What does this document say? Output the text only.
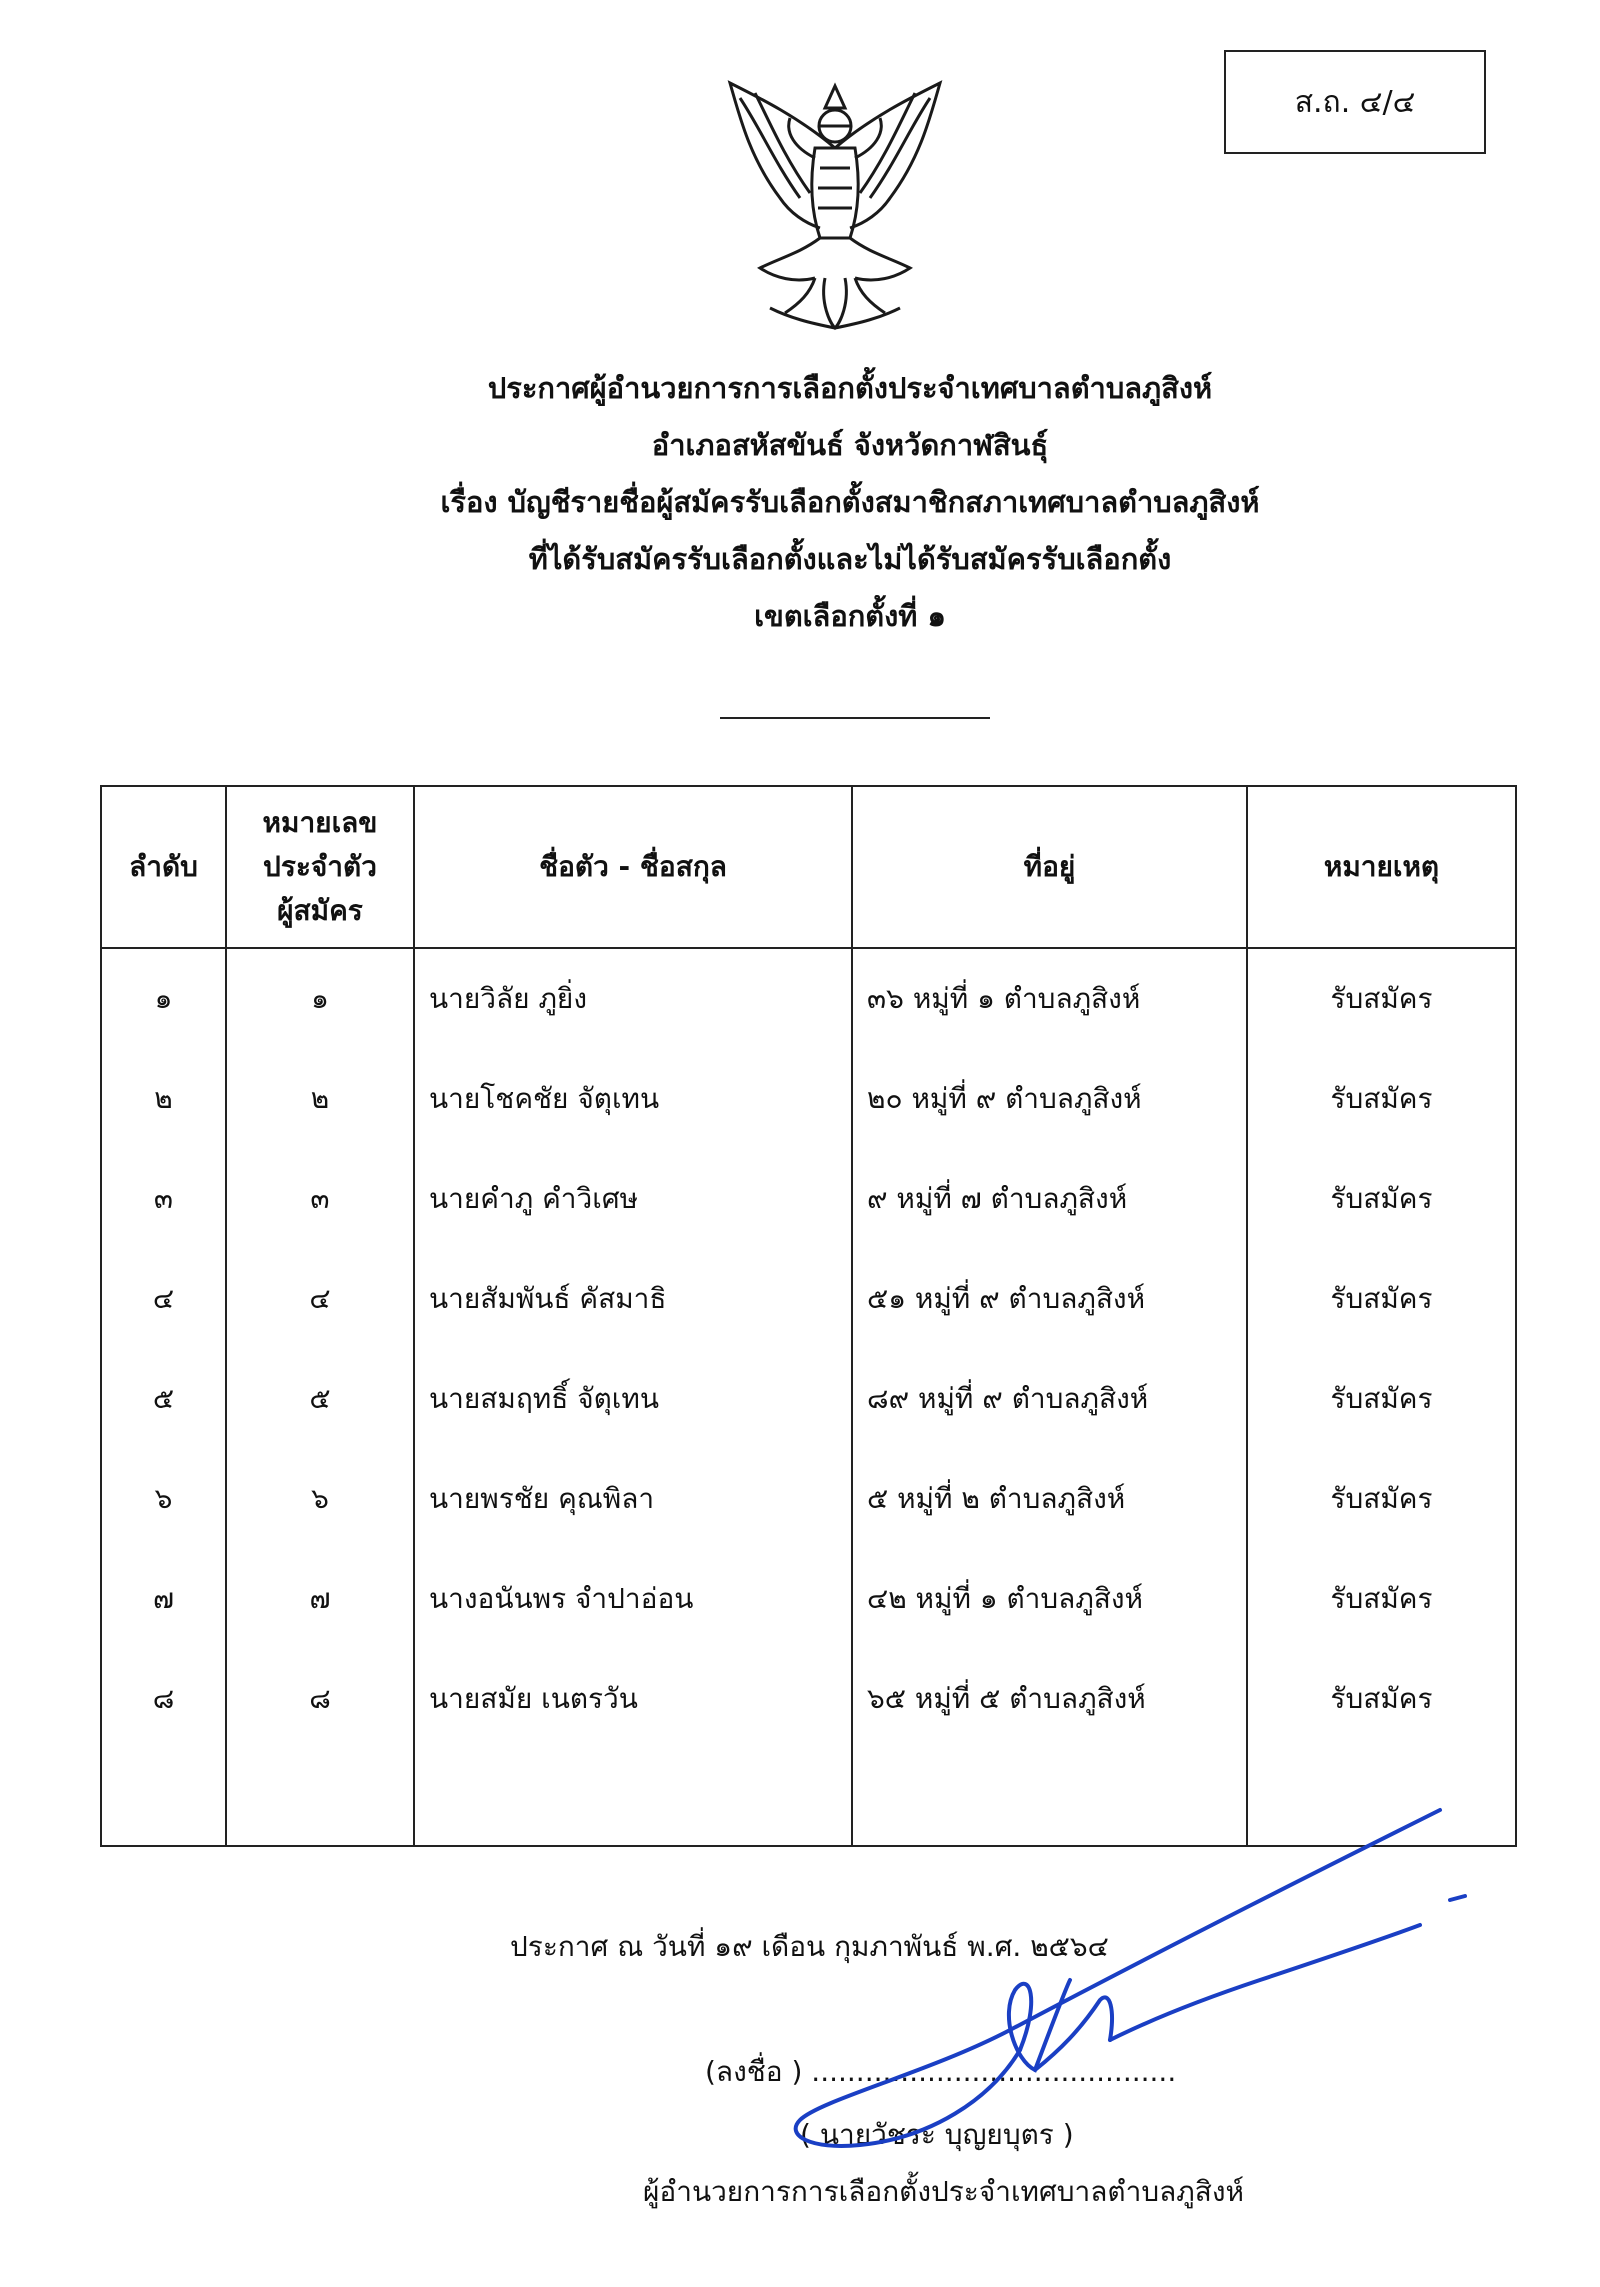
ส.ถ. ๔/๔
ประกาศผู้อำนวยการการเลือกตั้งประจำเทศบาลตำบลภูสิงห์
อำเภอสหัสขันธ์ จังหวัดกาฬสินธุ์
เรื่อง บัญชีรายชื่อผู้สมัครรับเลือกตั้งสมาชิกสภาเทศบาลตำบลภูสิงห์
ที่ได้รับสมัครรับเลือกตั้งและไม่ได้รับสมัครรับเลือกตั้ง
เขตเลือกตั้งที่ ๑
ลำดับ	หมายเลข
ประจำตัว
ผู้สมัคร	ชื่อตัว - ชื่อสกุล	ที่อยู่	หมายเหตุ
๑	๑	นายวิลัย ภูยิ่ง	๓๖ หมู่ที่ ๑ ตำบลภูสิงห์	รับสมัคร
๒	๒	นายโชคชัย จัตุเทน	๒๐ หมู่ที่ ๙ ตำบลภูสิงห์	รับสมัคร
๓	๓	นายคำภู คำวิเศษ	๙ หมู่ที่ ๗ ตำบลภูสิงห์	รับสมัคร
๔	๔	นายสัมพันธ์ คัสมาธิ	๕๑ หมู่ที่ ๙ ตำบลภูสิงห์	รับสมัคร
๕	๕	นายสมฤทธิ์ จัตุเทน	๘๙ หมู่ที่ ๙ ตำบลภูสิงห์	รับสมัคร
๖	๖	นายพรชัย คุณพิลา	๕ หมู่ที่ ๒ ตำบลภูสิงห์	รับสมัคร
๗	๗	นางอนันพร จำปาอ่อน	๔๒ หมู่ที่ ๑ ตำบลภูสิงห์	รับสมัคร
๘	๘	นายสมัย เนตรวัน	๖๕ หมู่ที่ ๕ ตำบลภูสิงห์	รับสมัคร

ประกาศ ณ วันที่ ๑๙ เดือน กุมภาพันธ์ พ.ศ. ๒๕๖๔
(ลงชื่อ ) .........................................
( นายวัชระ บุญยบุตร )
ผู้อำนวยการการเลือกตั้งประจำเทศบาลตำบลภูสิงห์
